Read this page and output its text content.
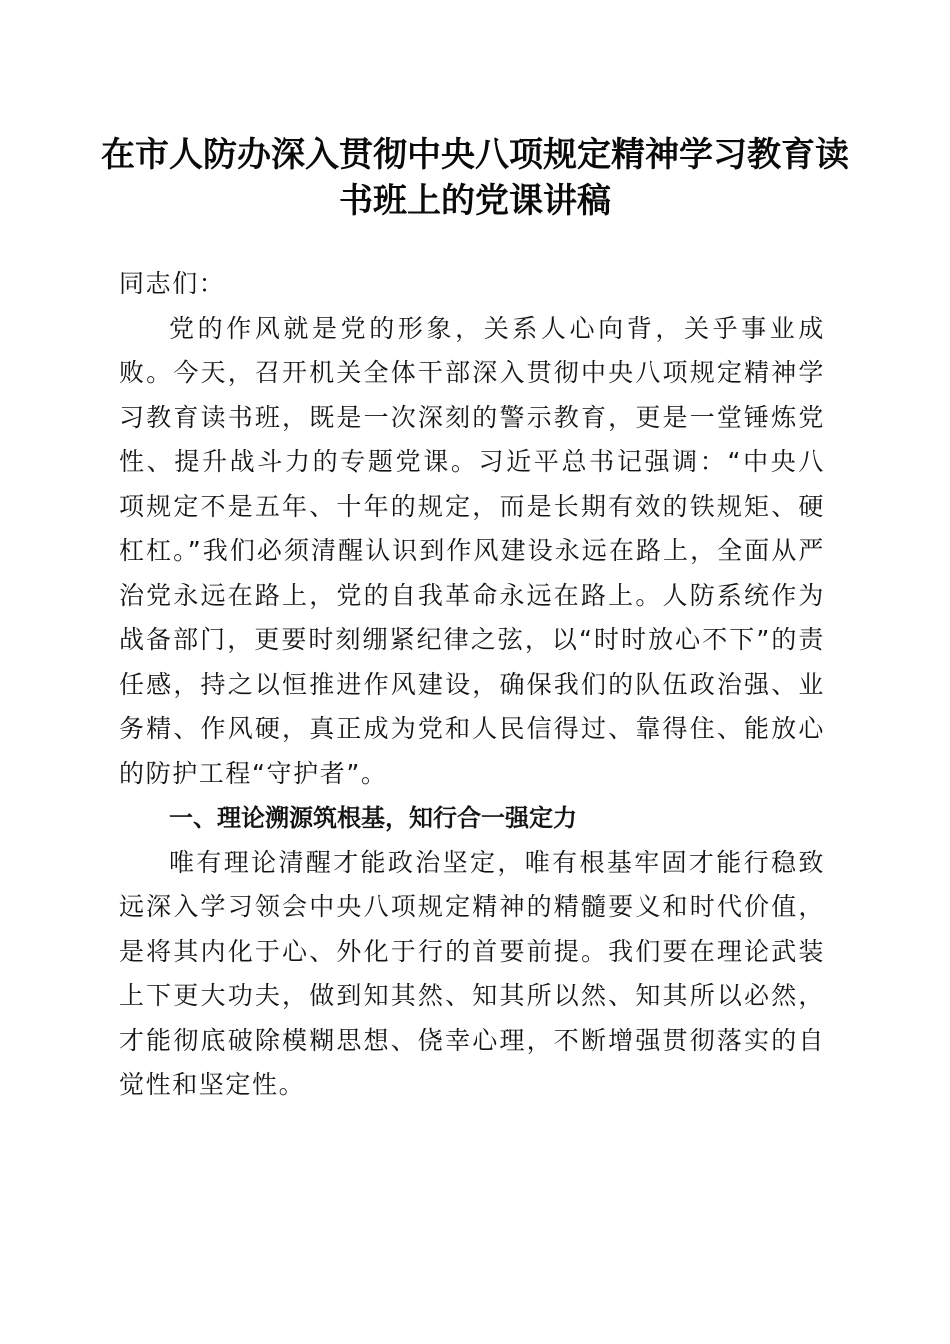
在市人防办深入贯彻中央八项规定精神学习教育读书班上的党课讲稿

同志们：

党的作风就是党的形象，关系人心向背，关乎事业成败。今天，召开机关全体干部深入贯彻中央八项规定精神学习教育读书班，既是一次深刻的警示教育，更是一堂锤炼党性、提升战斗力的专题党课。习近平总书记强调：“中央八项规定不是五年、十年的规定，而是长期有效的铁规矩、硬杠杠。”我们必须清醒认识到作风建设永远在路上，全面从严治党永远在路上，党的自我革命永远在路上。人防系统作为战备部门，更要时刻绷紧纪律之弦，以“时时放心不下”的责任感，持之以恒推进作风建设，确保我们的队伍政治强、业务精、作风硬，真正成为党和人民信得过、靠得住、能放心的防护工程“守护者”。

一、理论溯源筑根基，知行合一强定力

唯有理论清醒才能政治坚定，唯有根基牢固才能行稳致远深入学习领会中央八项规定精神的精髓要义和时代价值，是将其内化于心、外化于行的首要前提。我们要在理论武装上下更大功夫，做到知其然、知其所以然、知其所以必然，才能彻底破除模糊思想、侥幸心理，不断增强贯彻落实的自觉性和坚定性。
